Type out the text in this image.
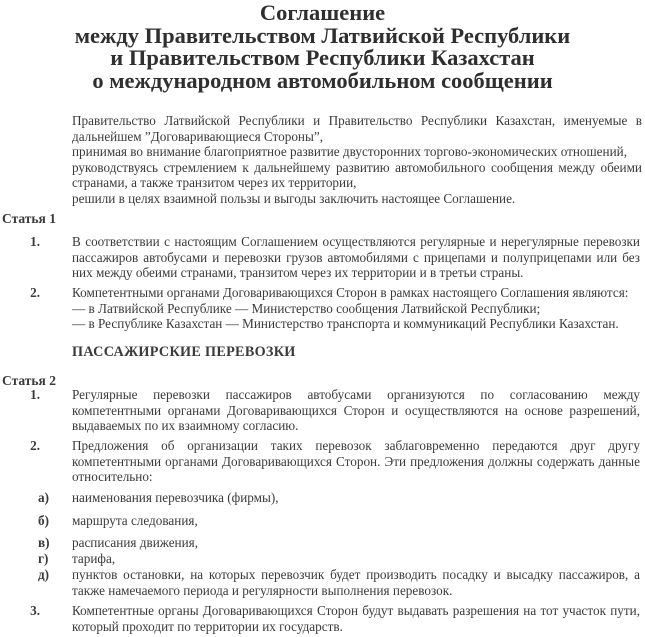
Соглашение
между Правительством Латвийской Республики
и Правительством Республики Казахстан
о международном автомобильном сообщении

Правительство Латвийской Республики и Правительство Республики Казахстан, именуемые в дальнейшем ”Договаривающиеся Стороны”,

принимая во внимание благоприятное развитие двусторонних торгово-экономических отношений,

руководствуясь стремлением к дальнейшему развитию автомобильного сообщения между обеими странами, а также транзитом через их территории,

решили в целях взаимной пользы и выгоды заключить настоящее Соглашение.

Статья 1
1. В соответствии с настоящим Соглашением осуществляются регулярные и нерегулярные перевозки пассажиров автобусами и перевозки грузов автомобилями с прицепами и полуприцепами или без них между обеими странами, транзитом через их территории и в третьи страны.

2. Компетентными органами Договаривающихся Сторон в рамках настоящего Соглашения являются:
— в Латвийской Республике — Министерство сообщения Латвийской Республики;
— в Республике Казахстан — Министерство транспорта и коммуникаций Республики Казахстан.
ПАССАЖИРСКИЕ ПЕРЕВОЗКИ
Статья 2
1. Регулярные перевозки пассажиров автобусами организуются по согласованию между компетентными органами Договаривающихся Сторон и осуществляются на основе разрешений, выдаваемых по их взаимному согласию.

2. Предложения об организации таких перевозок заблаговременно передаются друг другу компетентными органами Договаривающихся Сторон. Эти предложения должны содержать данные относительно:

а) наименования перевозчика (фирмы),

б) маршрута следования,

в) расписания движения,

г) тарифа,

д) пунктов остановки, на которых перевозчик будет производить посадку и высадку пассажиров, а также намечаемого периода и регулярности выполнения перевозок.

3. Компетентные органы Договаривающихся Сторон будут выдавать разрешения на тот участок пути, который проходит по территории их государств.
